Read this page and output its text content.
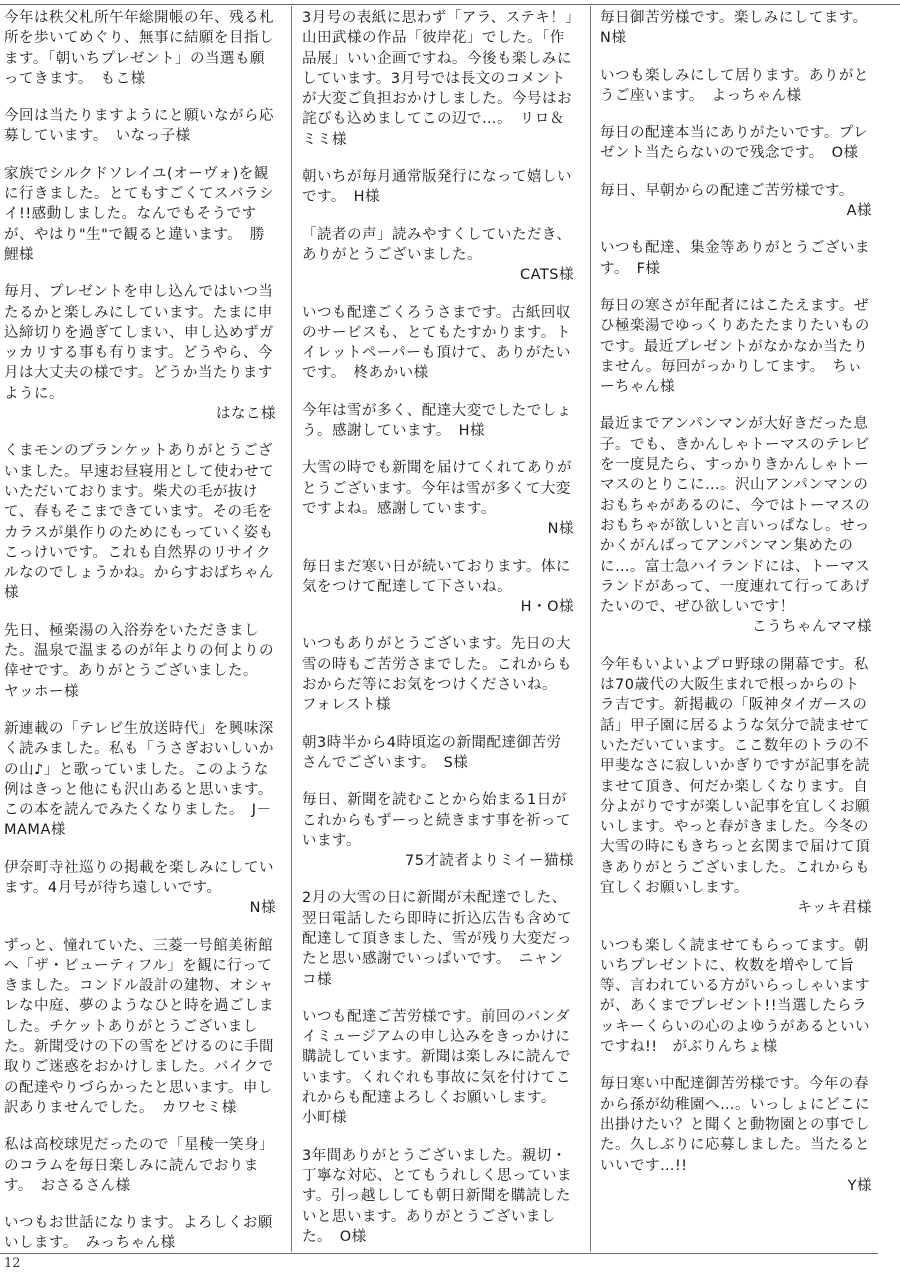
今年は秩父札所午年総開帳の年、残る札所を歩いてめぐり、無事に結願を目指します。「朝いちプレゼント」の当選も願ってきます。　もこ様
今回は当たりますようにと願いながら応募しています。　いなっ子様
家族でシルクドソレイユ(オーヴォ)を観に行きました。とてもすごくてスバラシイ!!感動しました。なんでもそうですが、やはり"生"で観ると違います。　勝鯉様
毎月、プレゼントを申し込んではいつ当たるかと楽しみにしています。たまに申込締切りを過ぎてしまい、申し込めずガッカリする事も有ります。どうやら、今月は大丈夫の様です。どうか当たりますように。
はなこ様
くまモンのブランケットありがとうございました。早速お昼寝用として使わせていただいております。柴犬の毛が抜けて、春もそこまできています。その毛をカラスが巣作りのためにもっていく姿もこっけいです。これも自然界のリサイクルなのでしょうかね。からすおばちゃん様
先日、極楽湯の入浴券をいただきました。温泉で温まるのが年よりの何よりの倖せです。ありがとうございました。　ヤッホー様
新連載の「テレビ生放送時代」を興味深く読みました。私も「うさぎおいしいかの山♪」と歌っていました。このような例はきっと他にも沢山あると思います。この本を読んでみたくなりました。　J－MAMA様
伊奈町寺社巡りの掲載を楽しみにしています。4月号が待ち遠しいです。
N様
ずっと、憧れていた、三菱一号館美術館へ「ザ・ビューティフル」を観に行ってきました。コンドル設計の建物、オシャレな中庭、夢のようなひと時を過ごしました。チケットありがとうございました。新聞受けの下の雪をどけるのに手間取りご迷惑をおかけしました。バイクでの配達やりづらかったと思います。申し訳ありませんでした。　カワセミ様
私は高校球児だったので「星稜一笑身」のコラムを毎日楽しみに読んでおります。　おさるさん様
いつもお世話になります。よろしくお願いします。　みっちゃん様
3月号の表紙に思わず「アラ、ステキ！」山田武様の作品「彼岸花」でした。「作品展」いい企画ですね。今後も楽しみにしています。3月号では長文のコメントが大変ご負担おかけしました。今号はお詫びも込めましてこの辺で…。　リロ＆ミミ様
朝いちが毎月通常版発行になって嬉しいです。　H様
「読者の声」読みやすくしていただき、ありがとうございました。
CATS様
いつも配達ごくろうさまです。古紙回収のサービスも、とてもたすかります。トイレットペーパーも頂けて、ありがたいです。　柊あかい様
今年は雪が多く、配達大変でしたでしょう。感謝しています。　H様
大雪の時でも新聞を届けてくれてありがとうございます。今年は雪が多くて大変ですよね。感謝しています。
N様
毎日まだ寒い日が続いております。体に気をつけて配達して下さいね。
H・O様
いつもありがとうございます。先日の大雪の時もご苦労さまでした。これからもおからだ等にお気をつけくださいね。　フォレスト様
朝3時半から4時頃迄の新聞配達御苦労さんでございます。　S様
毎日、新聞を読むことから始まる1日がこれからもずーっと続きます事を祈っています。
75才読者よりミイー猫様
2月の大雪の日に新聞が未配達でした、翌日電話したら即時に折込広告も含めて配達して頂きました、雪が残り大変だったと思い感謝でいっぱいです。　ニャンコ様
いつも配達ご苦労様です。前回のバンダイミュージアムの申し込みをきっかけに購読しています。新聞は楽しみに読んでいます。くれぐれも事故に気を付けてこれからも配達よろしくお願いします。　小町様
3年間ありがとうございました。親切・丁寧な対応、とてもうれしく思っています。引っ越ししても朝日新聞を購読したいと思います。ありがとうございました。　O様
毎日御苦労様です。楽しみにしてます。　N様
いつも楽しみにして居ります。ありがとうご座います。　よっちゃん様
毎日の配達本当にありがたいです。プレゼント当たらないので残念です。　O様
毎日、早朝からの配達ご苦労様です。
A様
いつも配達、集金等ありがとうございます。　F様
毎日の寒さが年配者にはこたえます。ぜひ極楽湯でゆっくりあたたまりたいものです。最近プレゼントがなかなか当たりません。毎回がっかりしてます。　ちぃーちゃん様
最近までアンパンマンが大好きだった息子。でも、きかんしゃトーマスのテレビを一度見たら、すっかりきかんしゃトーマスのとりこに…。沢山アンパンマンのおもちゃがあるのに、今ではトーマスのおもちゃが欲しいと言いっぱなし。せっかくがんばってアンパンマン集めたのに…。富士急ハイランドには、トーマスランドがあって、一度連れて行ってあげたいので、ぜひ欲しいです！
こうちゃんママ様
今年もいよいよプロ野球の開幕です。私は70歳代の大阪生まれで根っからのトラ吉です。新掲載の「阪神タイガースの話」甲子園に居るような気分で読ませていただいています。ここ数年のトラの不甲斐なさに寂しいかぎりですが記事を読ませて頂き、何だか楽しくなります。自分よがりですが楽しい記事を宜しくお願いします。やっと春がきました。今冬の大雪の時にもきちっと玄関まで届けて頂きありがとうございました。これからも宜しくお願いします。
キッキ君様
いつも楽しく読ませてもらってます。朝いちプレゼントに、枚数を増やして旨等、言われている方がいらっしゃいますが、あくまでプレゼント!!当選したらラッキーくらいの心のよゆうがあるといいですね!!　がぶりんちょ様
毎日寒い中配達御苦労様です。今年の春から孫が幼稚園へ…。いっしょにどこに出掛けたい？と聞くと動物園との事でした。久しぶりに応募しました。当たるといいです…!!
Y様
12
